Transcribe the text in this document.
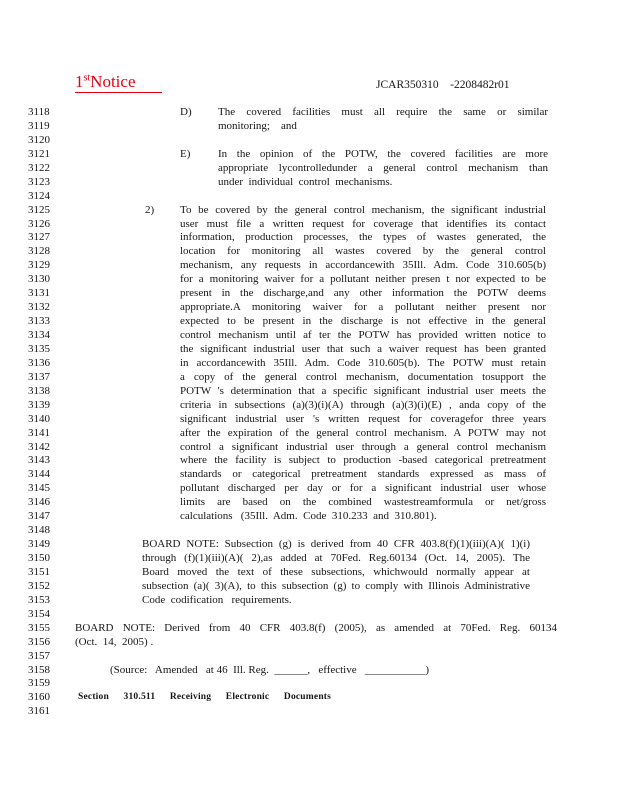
1stNotice	JCAR350310    -2208482r01
3118	D) The covered facilities must all require the same or similar
3119	monitoring;    and
3120
3121	E)	In the opinion of the POTW, the covered facilities are more
3122	appropriate lycontrolledunder a general control mechanism than
3123	under  individual  control  mechanisms.
3124
3125	2) To be covered by the general control mechanism, the significant industrial
3126	user must file a written request for coverage that identifies its contact
3127	information, production processes, the types of wastes generated, the
3128	location for monitoring all wastes covered by the general control
3129	mechanism, any requests in accordancewith 35Ill. Adm. Code 310.605(b)
3130	for a monitoring waiver for a pollutant neither presen t nor expected to be
3131	present in the discharge,and any other information the POTW deems
3132	appropriate.A monitoring waiver for a pollutant neither present nor
3133	expected to be present in the discharge is not effective in the general
3134	control mechanism until af ter the POTW has provided written notice to
3135	the significant industrial user that such a waiver request has been granted
3136	in accordancewith 35Ill. Adm. Code 310.605(b). The POTW must retain
3137	a copy of the general control mechanism, documentation tosupport the
3138	POTW 's determination that a specific significant industrial user meets the
3139	criteria in subsections (a)(3)(i)(A) through (a)(3)(i)(E) , anda copy of the
3140	significant industrial user 's written request for coveragefor three years
3141	after the expiration of the general control mechanism. A POTW may not
3142	control a significant industrial user through a general control mechanism
3143	where the facility is subject to production -based categorical pretreatment
3144	standards or categorical pretreatment standards expressed as mass of
3145	pollutant discharged per day or for a significant industrial user whose
3146	limits are based on the combined wastestreamformula or net/gross
3147	calculations   (35Ill.  Adm.  Code  310.233  and  310.801).
3148
3149	BOARD NOTE: Subsection (g) is derived from 40 CFR 403.8(f)(1)(iii)(A)( 1)(i)
3150	through (f)(1)(iii)(A)( 2),as added at 70Fed. Reg.60134 (Oct. 14, 2005). The
3151	Board moved the text of these subsections, whichwould normally appear at
3152	subsection (a)( 3)(A), to this subsection (g) to comply with Illinois Administrative
3153	Code  codification   requirements.
3154
3155 BOARD NOTE: Derived from 40 CFR 403.8(f) (2005), as amended at 70Fed. Reg. 60134
3156 (Oct.  14,  2005) .
3157
3158	(Source:   Amended   at 46  Ill. Reg.  ______,   effective   ___________)
3159
3160	Section 310.511 Receiving Electronic Documents
3161
